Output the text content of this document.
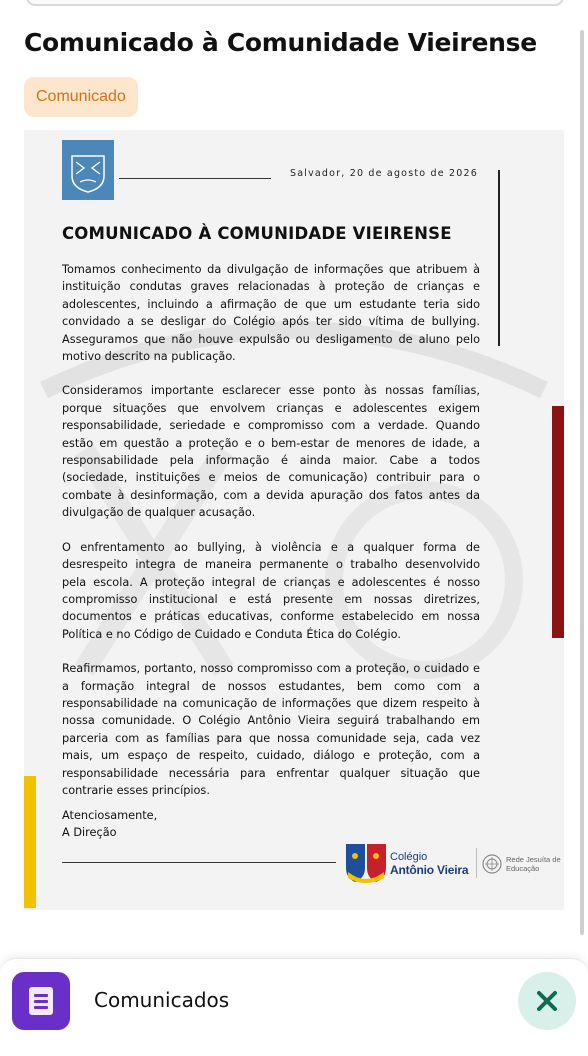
Comunicado à Comunidade Vieirense
Comunicado
Salvador, 20 de agosto de 2026
COMUNICADO À COMUNIDADE VIEIRENSE

Tomamos conhecimento da divulgação de informações que atribuem à instituição condutas graves relacionadas à proteção de crianças e adolescentes, incluindo a afirmação de que um estudante teria sido convidado a se desligar do Colégio após ter sido vítima de bullying. Asseguramos que não houve expulsão ou desligamento de aluno pelo motivo descrito na publicação.

Consideramos importante esclarecer esse ponto às nossas famílias, porque situações que envolvem crianças e adolescentes exigem responsabilidade, seriedade e compromisso com a verdade. Quando estão em questão a proteção e o bem-estar de menores de idade, a responsabilidade pela informação é ainda maior. Cabe a todos (sociedade, instituições e meios de comunicação) contribuir para o combate à desinformação, com a devida apuração dos fatos antes da divulgação de qualquer acusação.

O enfrentamento ao bullying, à violência e a qualquer forma de desrespeito integra de maneira permanente o trabalho desenvolvido pela escola. A proteção integral de crianças e adolescentes é nosso compromisso institucional e está presente em nossas diretrizes, documentos e práticas educativas, conforme estabelecido em nossa Política e no Código de Cuidado e Conduta Ética do Colégio.

Reafirmamos, portanto, nosso compromisso com a proteção, o cuidado e a formação integral de nossos estudantes, bem como com a responsabilidade na comunicação de informações que dizem respeito à nossa comunidade. O Colégio Antônio Vieira seguirá trabalhando em parceria com as famílias para que nossa comunidade seja, cada vez mais, um espaço de respeito, cuidado, diálogo e proteção, com a responsabilidade necessária para enfrentar qualquer situação que contrarie esses princípios.

Atenciosamente,
A Direção
Colégio
Antônio Vieira
Rede Jesuíta de Educação
Comunicados
